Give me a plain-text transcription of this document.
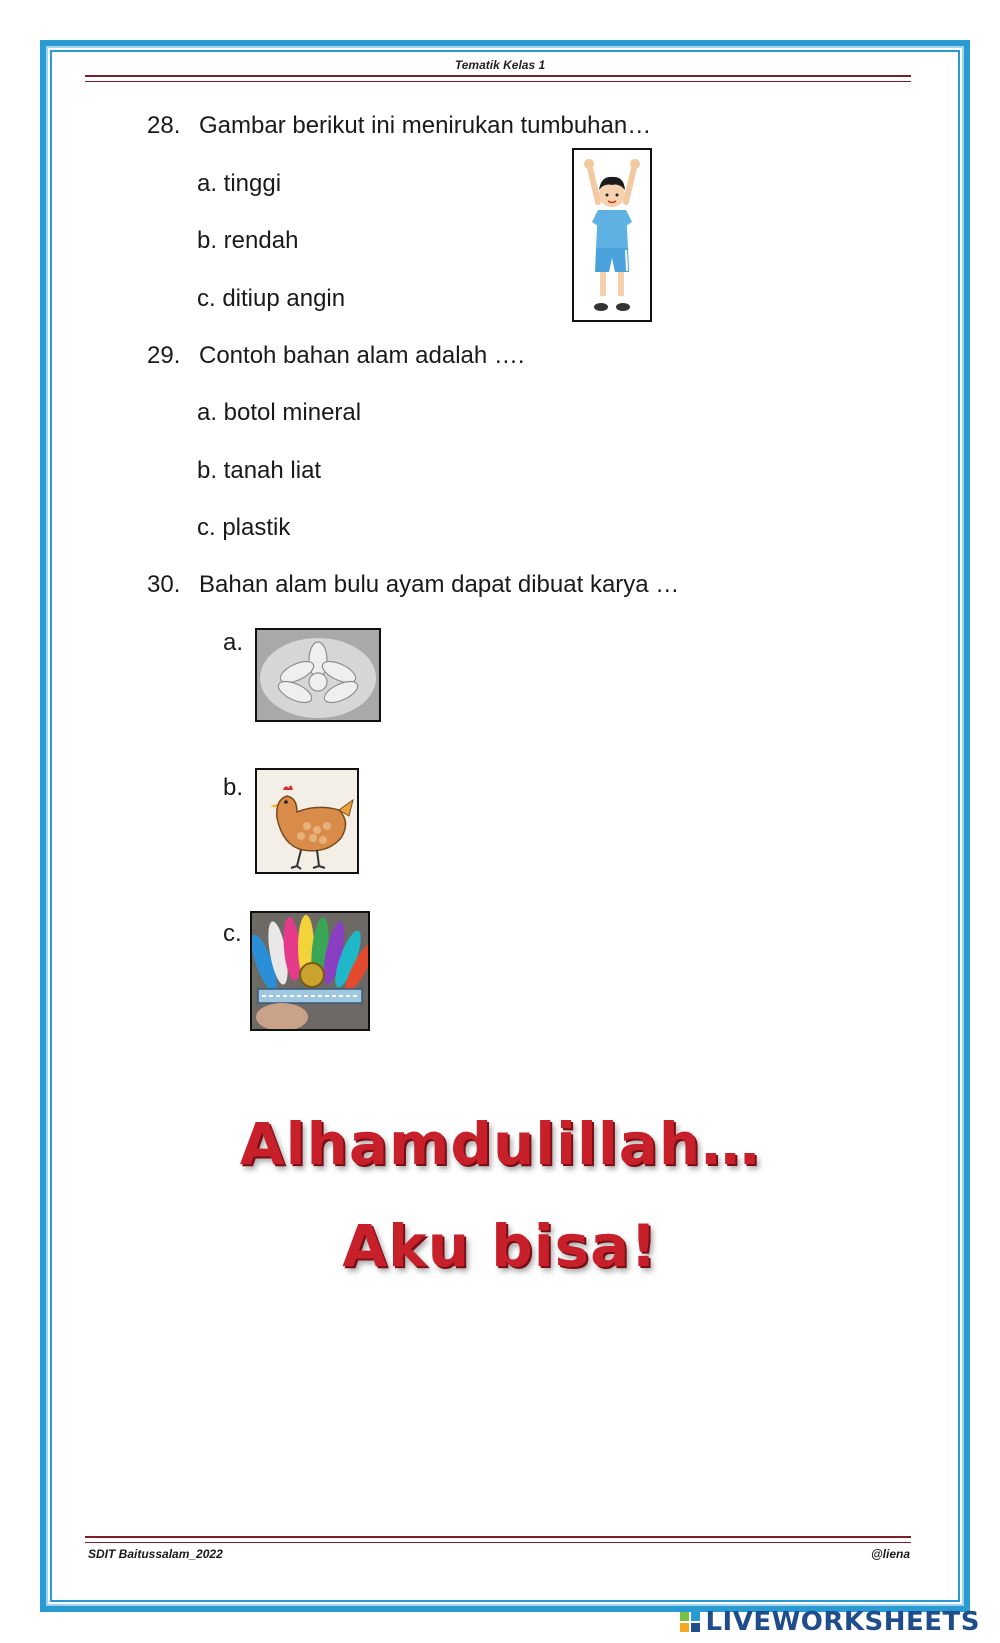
Tematik Kelas 1
28. Gambar berikut ini menirukan tumbuhan…
a. tinggi
b. rendah
c. ditiup angin
29. Contoh bahan alam adalah ….
a. botol mineral
b. tanah liat
c. plastik
30. Bahan alam bulu ayam dapat dibuat karya …
a.
b.
c.
Alhamdulillah…
Aku bisa!
SDIT Baitussalam_2022	@liena
LIVEWORKSHEETS
